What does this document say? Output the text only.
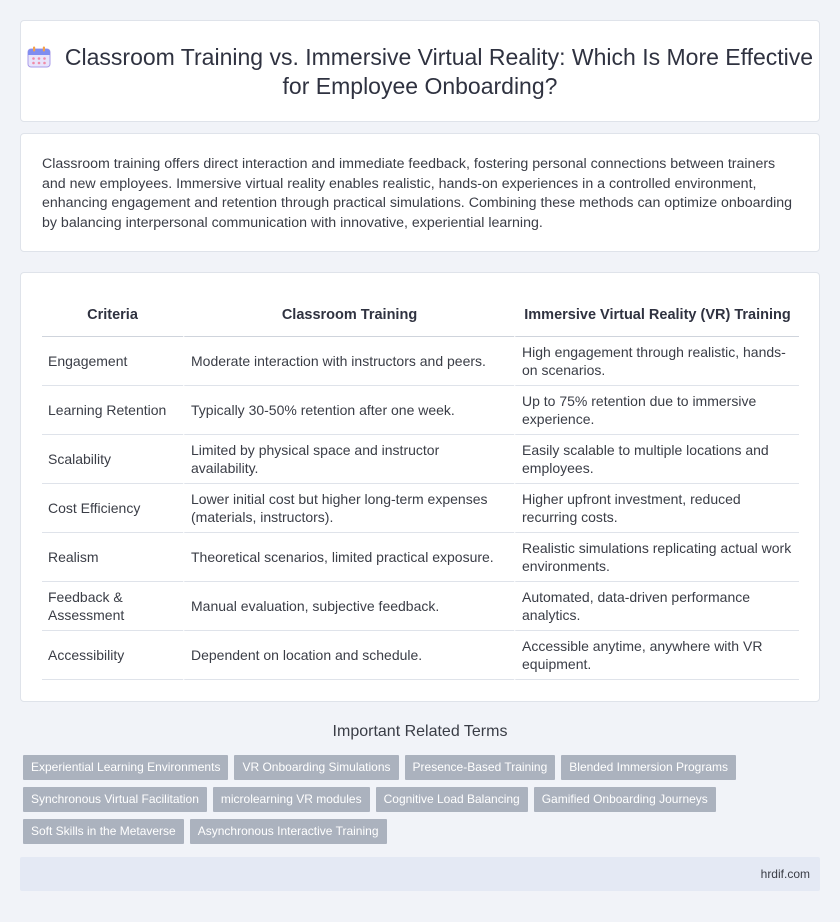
Classroom Training vs. Immersive Virtual Reality: Which Is More Effective for Employee Onboarding?

Classroom training offers direct interaction and immediate feedback, fostering personal connections between trainers and new employees. Immersive virtual reality enables realistic, hands-on experiences in a controlled environment, enhancing engagement and retention through practical simulations. Combining these methods can optimize onboarding by balancing interpersonal communication with innovative, experiential learning.

Criteria	Classroom Training	Immersive Virtual Reality (VR) Training
Engagement	Moderate interaction with instructors and peers.	High engagement through realistic, hands-on scenarios.
Learning Retention	Typically 30-50% retention after one week.	Up to 75% retention due to immersive experience.
Scalability	Limited by physical space and instructor availability.	Easily scalable to multiple locations and employees.
Cost Efficiency	Lower initial cost but higher long-term expenses (materials, instructors).	Higher upfront investment, reduced recurring costs.
Realism	Theoretical scenarios, limited practical exposure.	Realistic simulations replicating actual work environments.
Feedback & Assessment	Manual evaluation, subjective feedback.	Automated, data-driven performance analytics.
Accessibility	Dependent on location and schedule.	Accessible anytime, anywhere with VR equipment.
Important Related Terms
Experiential Learning Environments VR Onboarding Simulations Presence-Based Training Blended Immersion Programs
Synchronous Virtual Facilitation microlearning VR modules Cognitive Load Balancing Gamified Onboarding Journeys
Soft Skills in the Metaverse Asynchronous Interactive Training
hrdif.com
